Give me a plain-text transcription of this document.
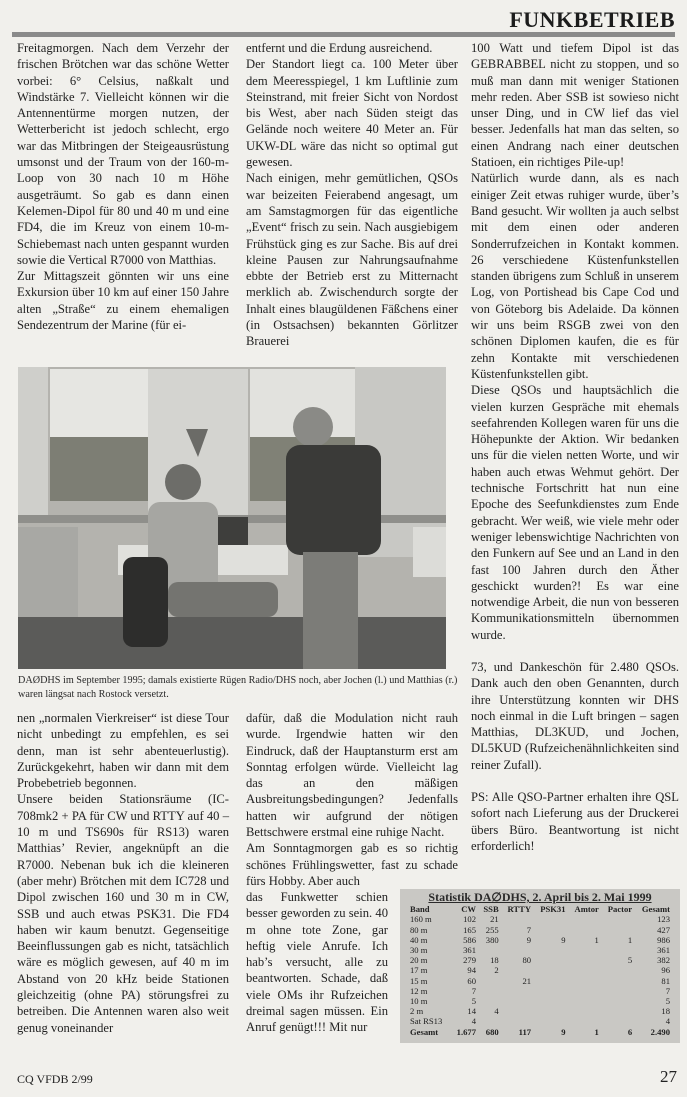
FUNKBETRIEB

Freitagmorgen. Nach dem Verzehr der frischen Brötchen war das schöne Wetter vorbei: 6° Celsius, naßkalt und Windstärke 7. Vielleicht können wir die Antennentürme morgen nutzen, der Wetterbericht ist jedoch schlecht, ergo war das Mitbringen der Steigeausrüstung umsonst und der Traum von der 160-m-Loop von 30 nach 10 m Höhe ausgeträumt. So gab es dann einen Kelemen-Dipol für 80 und 40 m und eine FD4, die im Kreuz von einem 10-m-Schiebemast nach unten gespannt wurden sowie die Vertical R7000 von Matthias.

Zur Mittagszeit gönnten wir uns eine Exkursion über 10 km auf einer 150 Jahre alten „Straße“ zu einem ehemaligen Sendezentrum der Marine (für ei-

entfernt und die Erdung ausreichend.

Der Standort liegt ca. 100 Meter über dem Meeresspiegel, 1 km Luftlinie zum Steinstrand, mit freier Sicht von Nordost bis West, aber nach Süden steigt das Gelände noch weitere 40 Meter an. Für UKW-DL wäre das nicht so optimal gut gewesen.

Nach einigen, mehr gemütlichen, QSOs war beizeiten Feierabend angesagt, um am Samstagmorgen für das eigentliche „Event“ frisch zu sein. Nach ausgiebigem Frühstück ging es zur Sache. Bis auf drei kleine Pausen zur Nahrungsaufnahme ebbte der Betrieb erst zu Mitternacht merklich ab. Zwischendurch sorgte der Inhalt eines blaugüldenen Fäßchens einer (in Ostsachsen) bekannten Görlitzer Brauerei

100 Watt und tiefem Dipol ist das GEBRABBEL nicht zu stoppen, und so muß man dann mit weniger Stationen mehr reden. Aber SSB ist sowieso nicht unser Ding, und in CW lief das viel besser. Jedenfalls hat man das selten, so einen Andrang nach einer deutschen Statioen, ein richtiges Pile-up!

Natürlich wurde dann, als es nach einiger Zeit etwas ruhiger wurde, über’s Band gesucht. Wir wollten ja auch selbst mit dem einen oder anderen Sonderrufzeichen in Kontakt kommen. 26 verschiedene Küstenfunkstellen standen übrigens zum Schluß in unserem Log, von Portishead bis Cape Cod und von Göteborg bis Adelaide. Da können wir uns beim RSGB zwei von den schönen Diplomen kaufen, die es für zehn Kontakte mit verschiedenen Küstenfunkstellen gibt.

Diese QSOs und hauptsächlich die vielen kurzen Gespräche mit ehemals seefahrenden Kollegen waren für uns die Höhepunkte der Aktion. Wir bedanken uns für die vielen netten Worte, und wir haben auch etwas Wehmut gehört. Der technische Fortschritt hat nun eine Epoche des Seefunkdienstes zum Ende gebracht. Wer weiß, wie viele mehr oder weniger lebenswichtige Nachrichten von den Funkern auf See und an Land in den fast 100 Jahren durch den Äther geschickt wurden?! Es war eine notwendige Arbeit, die nun von besseren Kommunikationsmitteln übernommen wurde.

73, und Dankeschön für 2.480 QSOs. Dank auch den oben Genannten, durch ihre Unterstützung konnten wir DHS noch einmal in die Luft bringen – sagen Matthias, DL3KUD, und Jochen, DL5KUD (Rufzeichenähnlichkeiten sind reiner Zufall).

PS: Alle QSO-Partner erhalten ihre QSL sofort nach Lieferung aus der Druckerei übers Büro. Beantwortung ist nicht erforderlich!

DAØDHS im September 1995; damals existierte Rügen Radio/DHS noch, aber Jochen (l.) und Matthias (r.) waren längsat nach Rostock versetzt.

nen „normalen Vierkreiser“ ist diese Tour nicht unbedingt zu empfehlen, es sei denn, man ist sehr abenteuerlustig). Zurückgekehrt, haben wir dann mit dem Probebetrieb begonnen.

Unsere beiden Stationsräume (IC-708mk2 + PA für CW und RTTY auf 40 – 10 m und TS690s für RS13) waren Matthias’ Revier, angeknüpft an die R7000. Nebenan buk ich die kleineren (aber mehr) Brötchen mit dem IC728 und Dipol zwischen 160 und 30 m in CW, SSB und auch etwas PSK31. Die FD4 haben wir kaum benutzt. Gegenseitige Beeinflussungen gab es nicht, tatsächlich wäre es möglich gewesen, auf 40 m im Abstand von 20 kHz beide Stationen gleichzeitig (ohne PA) störungsfrei zu betreiben. Die Antennen waren also weit genug voneinander

dafür, daß die Modulation nicht rauh wurde. Irgendwie hatten wir den Eindruck, daß der Hauptansturm erst am Sonntag erfolgen würde. Vielleicht lag das an den mäßigen Ausbreitungsbedingungen? Jedenfalls hatten wir aufgrund der nötigen Bettschwere erstmal eine ruhige Nacht.

Am Sonntagmorgen gab es so richtig schönes Frühlingswetter, fast zu schade fürs Hobby. Aber auch

das Funkwetter schien besser geworden zu sein. 40 m ohne tote Zone, gar heftig viele Anrufe. Ich hab’s versucht, alle zu beantworten. Schade, daß viele OMs ihr Rufzeichen dreimal sagen müssen. Ein Anruf genügt!!! Mit nur

Statistik DA∅DHS, 2. April bis 2. Mai 1999
Band	CW	SSB	RTTY	PSK31	Amtor	Pactor	Gesamt
160 m	102	21					123
80 m	165	255	7				427
40 m	586	380	9	9	1	1	986
30 m	361						361
20 m	279	18	80			5	382
17 m	94	2					96
15 m	60		21				81
12 m	7						7
10 m	5						5
2 m	14	4					18
Sat RS13	4						4
Gesamt	1.677	680	117	9	1	6	2.490
CQ VFDB 2/99	27
